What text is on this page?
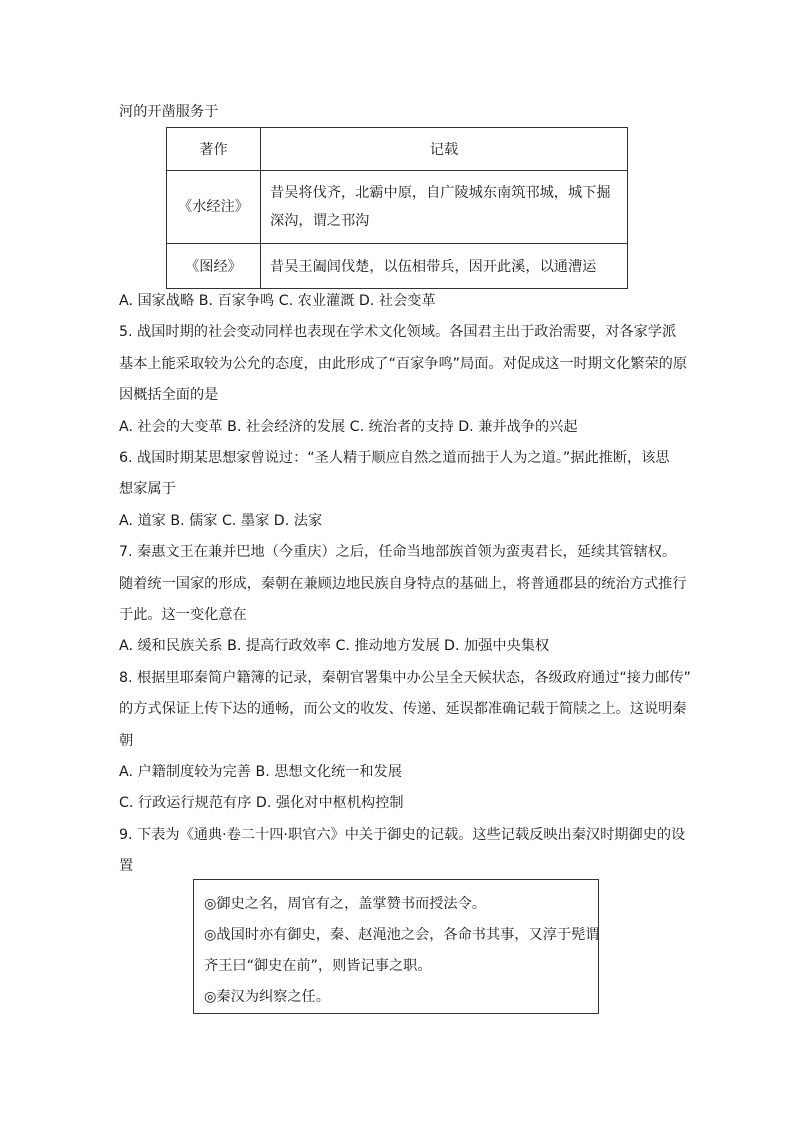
河的开凿服务于
著作	记载
《水经注》	昔吴将伐齐，北霸中原，自广陵城东南筑邗城，城下掘深沟，谓之邗沟
《图经》	昔吴王阖闾伐楚，以伍相带兵，因开此溪，以通漕运
A. 国家战略 B. 百家争鸣 C. 农业灌溉 D. 社会变革
5. 战国时期的社会变动同样也表现在学术文化领域。各国君主出于政治需要，对各家学派
基本上能采取较为公允的态度，由此形成了“百家争鸣”局面。对促成这一时期文化繁荣的原
因概括全面的是
A. 社会的大变革 B. 社会经济的发展 C. 统治者的支持 D. 兼并战争的兴起
6. 战国时期某思想家曾说过：“圣人精于顺应自然之道而拙于人为之道。”据此推断，该思
想家属于
A. 道家 B. 儒家 C. 墨家 D. 法家
7. 秦惠文王在兼并巴地（今重庆）之后，任命当地部族首领为蛮夷君长，延续其管辖权。
随着统一国家的形成，秦朝在兼顾边地民族自身特点的基础上，将普通郡县的统治方式推行
于此。这一变化意在
A. 缓和民族关系 B. 提高行政效率 C. 推动地方发展 D. 加强中央集权
8. 根据里耶秦简户籍簿的记录，秦朝官署集中办公呈全天候状态，各级政府通过“接力邮传”
的方式保证上传下达的通畅，而公文的收发、传递、延误都准确记载于简牍之上。这说明秦
朝
A. 户籍制度较为完善 B. 思想文化统一和发展
C. 行政运行规范有序 D. 强化对中枢机构控制
9. 下表为《通典·卷二十四·职官六》中关于御史的记载。这些记载反映出秦汉时期御史的设
置

◎御史之名，周官有之，盖掌赞书而授法令。

◎战国时亦有御史，秦、赵渑池之会，各命书其事，又淳于髡谓

齐王曰“御史在前”，则皆记事之职。

◎秦汉为纠察之任。
